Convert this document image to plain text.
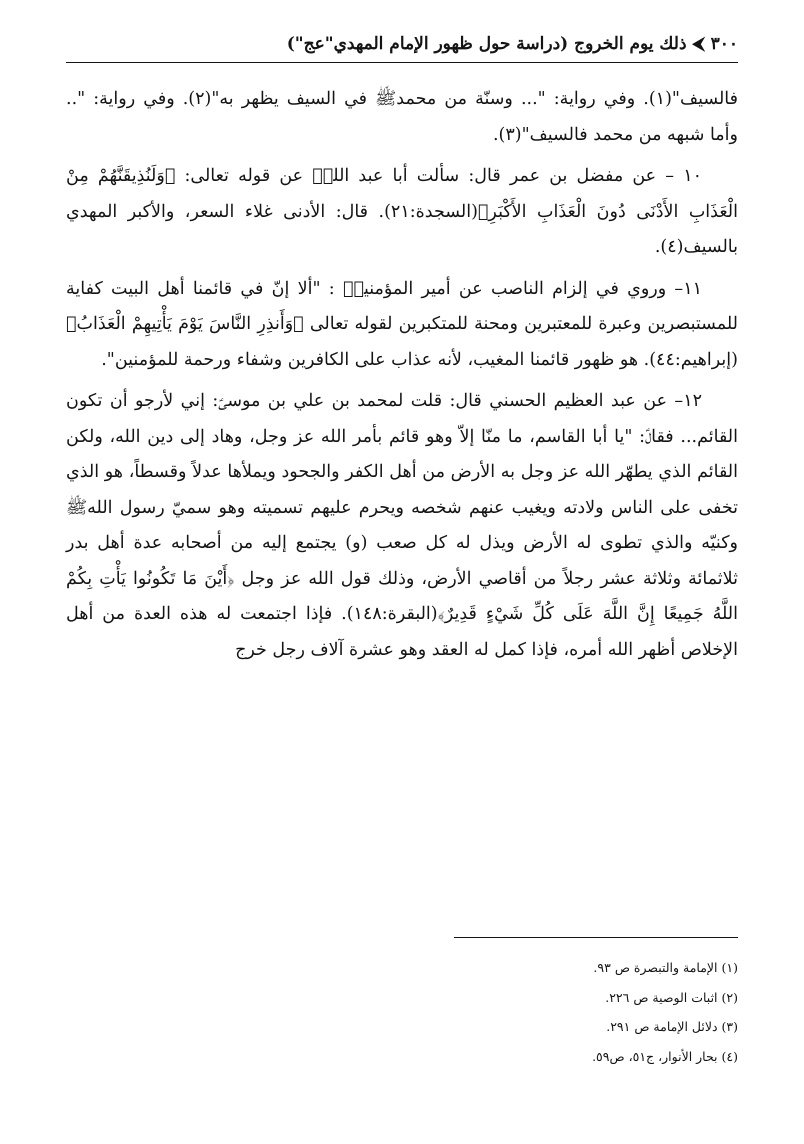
٣٠٠⮜ذلك يوم الخروج (دراسة حول ظهور الإمام المهدي"عج")

فالسيف"(١). وفي رواية: "... وسنّة من محمدﷺ في السيف يظهر به"(٢). وفي رواية: ".. وأما شبهه من محمد فالسيف"(٣).

١٠ – عن مفضل بن عمر قال: سألت أبا عبد اللهؑ عن قوله تعالى: ﴿وَلَنُذِيقَنَّهُمْ مِنْ الْعَذَابِ الأَدْنَى دُونَ الْعَذَابِ الأَكْبَرِ﴾(السجدة:٢١). قال: الأدنى غلاء السعر، والأكبر المهدي بالسيف(٤).

١١– وروي في إلزام الناصب عن أمير المؤمنينؑ : "ألا إنّ في قائمنا أهل البيت كفاية للمستبصرين وعبرة للمعتبرين ومحنة للمتكبرين لقوله تعالى ﴿وَأَنذِرِ النَّاسَ يَوْمَ يَأْتِيهِمْ الْعَذَابُ﴾(إبراهيم:٤٤). هو ظهور قائمنا المغيب، لأنه عذاب على الكافرين وشفاء ورحمة للمؤمنين".

١٢– عن عبد العظيم الحسني قال: قلت لمحمد بن علي بن موسىؑ: إني لأرجو أن تكون القائم... فقالؑ: "يا أبا القاسم، ما منّا إلاّ وهو قائم بأمر الله عز وجل، وهاد إلى دين الله، ولكن القائم الذي يطهّر الله عز وجل به الأرض من أهل الكفر والجحود ويملأها عدلاً وقسطاً، هو الذي تخفى على الناس ولادته ويغيب عنهم شخصه ويحرم عليهم تسميته وهو سميّ رسول اللهﷺ وكنيّه والذي تطوى له الأرض ويذل له كل صعب (و) يجتمع إليه من أصحابه عدة أهل بدر ثلاثمائة وثلاثة عشر رجلاً من أقاصي الأرض، وذلك قول الله عز وجل ﴿أَيْنَ مَا تَكُونُوا يَأْتِ بِكُمْ اللَّهُ جَمِيعًا إِنَّ اللَّهَ عَلَى كُلِّ شَيْءٍ قَدِيرٌ﴾(البقرة:١٤٨). فإذا اجتمعت له هذه العدة من أهل الإخلاص أظهر الله أمره، فإذا كمل له العقد وهو عشرة آلاف رجل خرج

(١) الإمامة والتبصرة ص ٩٣.
(٢) اثبات الوصية ص ٢٢٦.
(٣) دلائل الإمامة ص ٢٩١.
(٤) بحار الأنوار، ج٥١، ص٥٩.
